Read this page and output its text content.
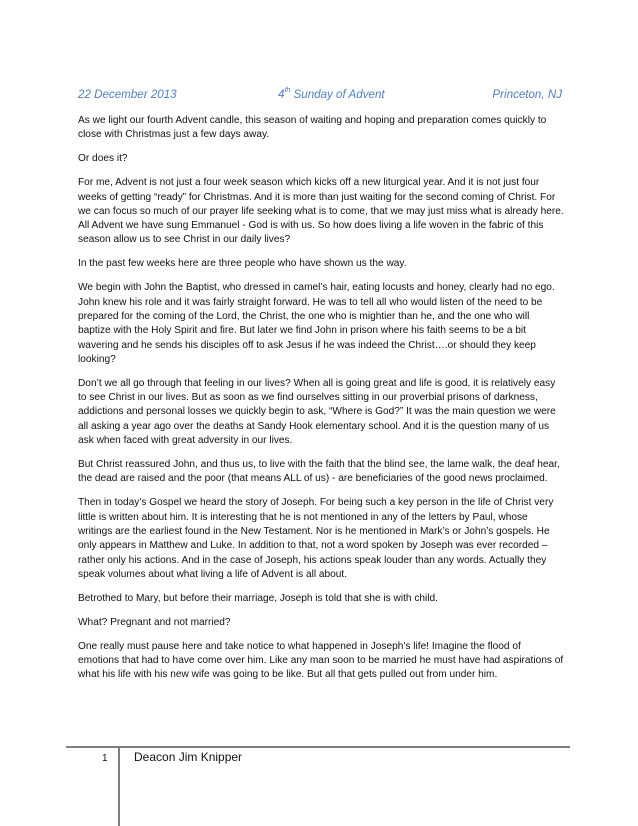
22 December 2013	4th Sunday of Advent	Princeton, NJ

As we light our fourth Advent candle, this season of waiting and hoping and preparation comes quickly to close with Christmas just a few days away.

Or does it?

For me, Advent is not just a four week season which kicks off a new liturgical year. And it is not just four weeks of getting “ready” for Christmas. And it is more than just waiting for the second coming of Christ. For we can focus so much of our prayer life seeking what is to come, that we may just miss what is already here. All Advent we have sung Emmanuel - God is with us. So how does living a life woven in the fabric of this season allow us to see Christ in our daily lives?

In the past few weeks here are three people who have shown us the way.

We begin with John the Baptist, who dressed in camel’s hair, eating locusts and honey, clearly had no ego. John knew his role and it was fairly straight forward. He was to tell all who would listen of the need to be prepared for the coming of the Lord, the Christ, the one who is mightier than he, and the one who will baptize with the Holy Spirit and fire. But later we find John in prison where his faith seems to be a bit wavering and he sends his disciples off to ask Jesus if he was indeed the Christ….or should they keep looking?

Don’t we all go through that feeling in our lives? When all is going great and life is good, it is relatively easy to see Christ in our lives. But as soon as we find ourselves sitting in our proverbial prisons of darkness, addictions and personal losses we quickly begin to ask, “Where is God?” It was the main question we were all asking a year ago over the deaths at Sandy Hook elementary school. And it is the question many of us ask when faced with great adversity in our lives.

But Christ reassured John, and thus us, to live with the faith that the blind see, the lame walk, the deaf hear, the dead are raised and the poor (that means ALL of us) - are beneficiaries of the good news proclaimed.

Then in today’s Gospel we heard the story of Joseph. For being such a key person in the life of Christ very little is written about him. It is interesting that he is not mentioned in any of the letters by Paul, whose writings are the earliest found in the New Testament. Nor is he mentioned in Mark’s or John’s gospels. He only appears in Matthew and Luke. In addition to that, not a word spoken by Joseph was ever recorded – rather only his actions. And in the case of Joseph, his actions speak louder than any words. Actually they speak volumes about what living a life of Advent is all about.

Betrothed to Mary, but before their marriage, Joseph is told that she is with child.

What? Pregnant and not married?

One really must pause here and take notice to what happened in Joseph’s life! Imagine the flood of emotions that had to have come over him. Like any man soon to be married he must have had aspirations of what his life with his new wife was going to be like. But all that gets pulled out from under him.

1 Deacon Jim Knipper
